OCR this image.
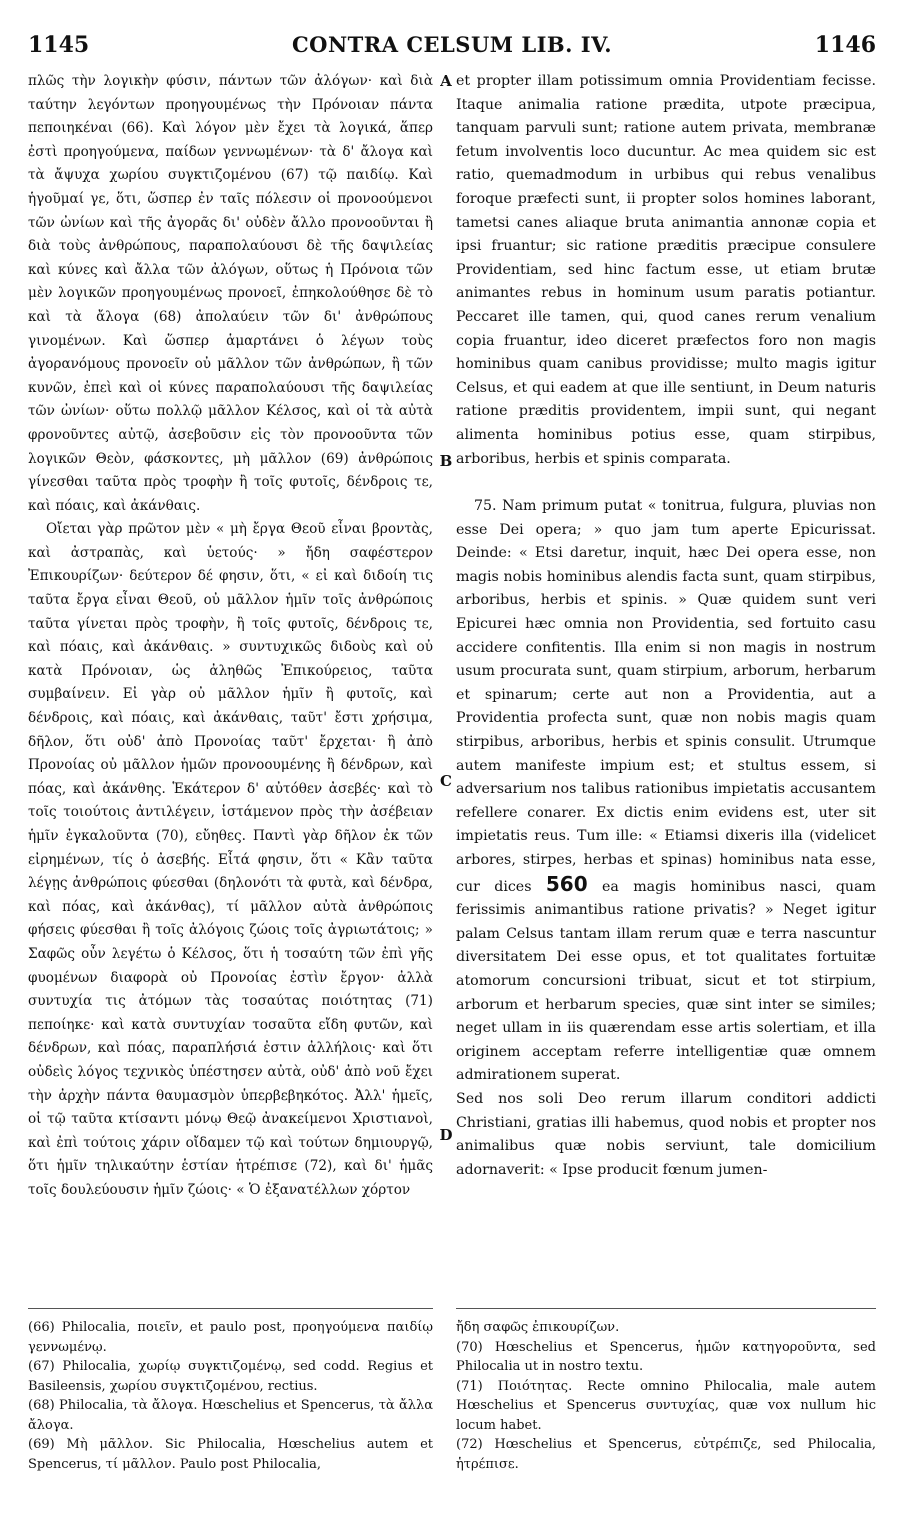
1145	CONTRA CELSUM LIB. IV.	1146

πλῶς τὴν λογικὴν φύσιν, πάντων τῶν ἀλόγων· καὶ διὰ ταύτην λεγόντων προηγουμένως τὴν Πρόνοιαν πάντα πεποιηκέναι (66). Καὶ λόγον μὲν ἔχει τὰ λογικά, ἅπερ ἐστὶ προηγούμενα, παίδων γεννωμένων· τὰ δ' ἄλογα καὶ τὰ ἄψυχα χωρίου συγκτιζομένου (67) τῷ παιδίῳ. Καὶ ἡγοῦμαί γε, ὅτι, ὥσπερ ἐν ταῖς πόλεσιν οἱ προνοούμενοι τῶν ὠνίων καὶ τῆς ἀγορᾶς δι' οὐδὲν ἄλλο προνοοῦνται ἢ διὰ τοὺς ἀνθρώπους, παραπολαύουσι δὲ τῆς δαψιλείας καὶ κύνες καὶ ἄλλα τῶν ἀλόγων, οὕτως ἡ Πρόνοια τῶν μὲν λογικῶν προηγουμένως προνοεῖ, ἐπηκολούθησε δὲ τὸ καὶ τὰ ἄλογα (68) ἀπολαύειν τῶν δι' ἀνθρώπους γινομένων. Καὶ ὥσπερ ἁμαρτάνει ὁ λέγων τοὺς ἀγορανόμους προνοεῖν οὐ μᾶλλον τῶν ἀνθρώπων, ἢ τῶν κυνῶν, ἐπεὶ καὶ οἱ κύνες παραπολαύουσι τῆς δαψιλείας τῶν ὠνίων· οὕτω πολλῷ μᾶλλον Κέλσος, καὶ οἱ τὰ αὐτὰ φρονοῦντες αὐτῷ, ἀσεβοῦσιν εἰς τὸν προνοοῦντα τῶν λογικῶν Θεὸν, φάσκοντες, μὴ μᾶλλον (69) ἀνθρώποις γίνεσθαι ταῦτα πρὸς τροφὴν ἢ τοῖς φυτοῖς, δένδροις τε, καὶ πόαις, καὶ ἀκάνθαις.

Οἴεται γὰρ πρῶτον μὲν « μὴ ἔργα Θεοῦ εἶναι βροντὰς, καὶ ἀστραπὰς, καὶ ὑετούς· » ἤδη σαφέστερον Ἐπικουρίζων· δεύτερον δέ φησιν, ὅτι, « εἰ καὶ διδοίη τις ταῦτα ἔργα εἶναι Θεοῦ, οὐ μᾶλλον ἡμῖν τοῖς ἀνθρώποις ταῦτα γίνεται πρὸς τροφὴν, ἢ τοῖς φυτοῖς, δένδροις τε, καὶ πόαις, καὶ ἀκάνθαις. » συντυχικῶς διδοὺς καὶ οὐ κατὰ Πρόνοιαν, ὡς ἀληθῶς Ἐπικούρειος, ταῦτα συμβαίνειν. Εἰ γὰρ οὐ μᾶλλον ἡμῖν ἢ φυτοῖς, καὶ δένδροις, καὶ πόαις, καὶ ἀκάνθαις, ταῦτ' ἔστι χρήσιμα, δῆλον, ὅτι οὐδ' ἀπὸ Προνοίας ταῦτ' ἔρχεται· ἢ ἀπὸ Προνοίας οὐ μᾶλλον ἡμῶν προνοουμένης ἢ δένδρων, καὶ πόας, καὶ ἀκάνθης. Ἑκάτερον δ' αὐτόθεν ἀσεβές· καὶ τὸ τοῖς τοιούτοις ἀντιλέγειν, ἱστάμενον πρὸς τὴν ἀσέβειαν ἡμῖν ἐγκαλοῦντα (70), εὔηθες. Παντὶ γὰρ δῆλον ἐκ τῶν εἰρημένων, τίς ὁ ἀσεβής. Εἶτά φησιν, ὅτι « Κἂν ταῦτα λέγῃς ἀνθρώποις φύεσθαι (δηλονότι τὰ φυτὰ, καὶ δένδρα, καὶ πόας, καὶ ἀκάνθας), τί μᾶλλον αὐτὰ ἀνθρώποις φήσεις φύεσθαι ἢ τοῖς ἀλόγοις ζώοις τοῖς ἀγριωτάτοις; » Σαφῶς οὖν λεγέτω ὁ Κέλσος, ὅτι ἡ τοσαύτη τῶν ἐπὶ γῆς φυομένων διαφορὰ οὐ Προνοίας ἐστὶν ἔργον· ἀλλὰ συντυχία τις ἀτόμων τὰς τοσαύτας ποιότητας (71) πεποίηκε· καὶ κατὰ συντυχίαν τοσαῦτα εἴδη φυτῶν, καὶ δένδρων, καὶ πόας, παραπλήσιά ἐστιν ἀλλήλοις· καὶ ὅτι οὐδεὶς λόγος τεχνικὸς ὑπέστησεν αὐτὰ, οὐδ' ἀπὸ νοῦ ἔχει τὴν ἀρχὴν πάντα θαυμασμὸν ὑπερβεβηκότος. Ἀλλ' ἡμεῖς, οἱ τῷ ταῦτα κτίσαντι μόνῳ Θεῷ ἀνακείμενοι Χριστιανοὶ, καὶ ἐπὶ τούτοις χάριν οἴδαμεν τῷ καὶ τούτων δημιουργῷ, ὅτι ἡμῖν τηλικαύτην ἑστίαν ἡτρέπισε (72), καὶ δι' ἡμᾶς τοῖς δουλεύουσιν ἡμῖν ζώοις· « Ὁ ἐξανατέλλων χόρτον

A
B
C
D

et propter illam potissimum omnia Providentiam fecisse. Itaque animalia ratione prædita, utpote præcipua, tanquam parvuli sunt; ratione autem privata, membranæ fetum involventis loco ducuntur. Ac mea quidem sic est ratio, quemadmodum in urbibus qui rebus venalibus foroque præfecti sunt, ii propter solos homines laborant, tametsi canes aliaque bruta animantia annonæ copia et ipsi fruantur; sic ratione præditis præcipue consulere Providentiam, sed hinc factum esse, ut etiam brutæ animantes rebus in hominum usum paratis potiantur. Peccaret ille tamen, qui, quod canes rerum venalium copia fruantur, ideo diceret præfectos foro non magis hominibus quam canibus providisse; multo magis igitur Celsus, et qui eadem at que ille sentiunt, in Deum naturis ratione præditis providentem, impii sunt, qui negant alimenta hominibus potius esse, quam stirpibus, arboribus, herbis et spinis comparata.

75. Nam primum putat « tonitrua, fulgura, pluvias non esse Dei opera; » quo jam tum aperte Epicurissat. Deinde: « Etsi daretur, inquit, hæc Dei opera esse, non magis nobis hominibus alendis facta sunt, quam stirpibus, arboribus, herbis et spinis. » Quæ quidem sunt veri Epicurei hæc omnia non Providentia, sed fortuito casu accidere confitentis. Illa enim si non magis in nostrum usum procurata sunt, quam stirpium, arborum, herbarum et spinarum; certe aut non a Providentia, aut a Providentia profecta sunt, quæ non nobis magis quam stirpibus, arboribus, herbis et spinis consulit. Utrumque autem manifeste impium est; et stultus essem, si adversarium nos talibus rationibus impietatis accusantem refellere conarer. Ex dictis enim evidens est, uter sit impietatis reus. Tum ille: « Etiamsi dixeris illa (videlicet arbores, stirpes, herbas et spinas) hominibus nata esse, cur dices 560 ea magis hominibus nasci, quam ferissimis animantibus ratione privatis? » Neget igitur palam Celsus tantam illam rerum quæ e terra nascuntur diversitatem Dei esse opus, et tot qualitates fortuitæ atomorum concursioni tribuat, sicut et tot stirpium, arborum et herbarum species, quæ sint inter se similes; neget ullam in iis quærendam esse artis solertiam, et illa originem acceptam referre intelligentiæ quæ omnem admirationem superat.

Sed nos soli Deo rerum illarum conditori addicti Christiani, gratias illi habemus, quod nobis et propter nos animalibus quæ nobis serviunt, tale domicilium adornaverit: « Ipse producit fœnum jumen-

(66) Philocalia, ποιεῖν, et paulo post, προηγούμενα παιδίῳ γεννωμένῳ.

(67) Philocalia, χωρίῳ συγκτιζομένῳ, sed codd. Regius et Basileensis, χωρίου συγκτιζομένου, rectius.

(68) Philocalia, τὰ ἄλογα. Hœschelius et Spencerus, τὰ ἄλλα ἄλογα.

(69) Μὴ μᾶλλον. Sic Philocalia, Hœschelius autem et Spencerus, τί μᾶλλον. Paulo post Philocalia,

ἤδη σαφῶς ἐπικουρίζων.

(70) Hœschelius et Spencerus, ἡμῶν κατηγοροῦντα, sed Philocalia ut in nostro textu.

(71) Ποιότητας. Recte omnino Philocalia, male autem Hœschelius et Spencerus συντυχίας, quæ vox nullum hic locum habet.

(72) Hœschelius et Spencerus, εὐτρέπιζε, sed Philocalia, ἡτρέπισε.
